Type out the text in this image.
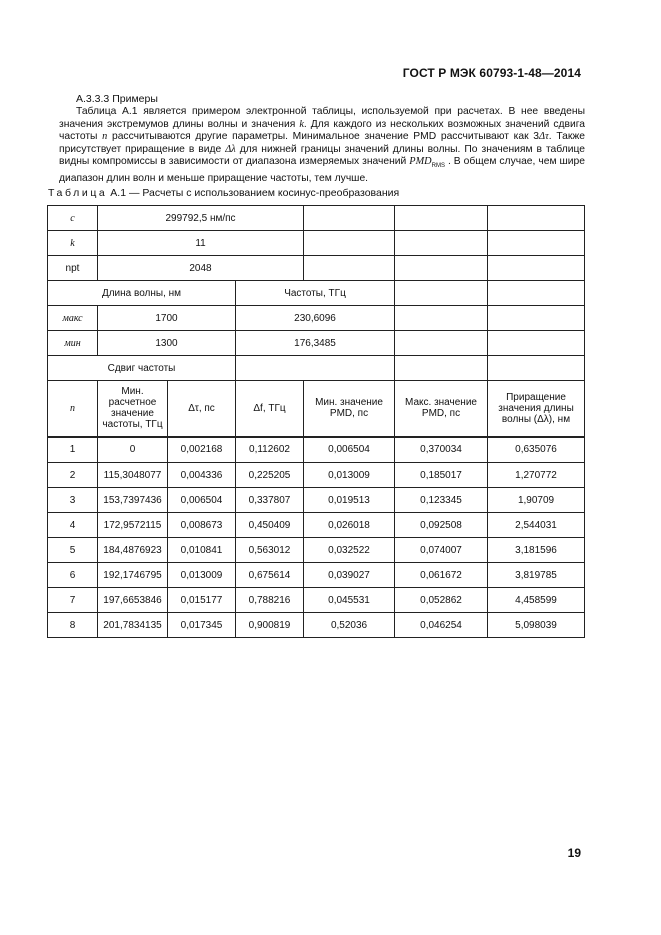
ГОСТ Р МЭК 60793-1-48—2014
А.3.3.3 Примеры

Таблица А.1 является примером электронной таблицы, используемой при расчетах. В нее введены значения экстремумов длины волны и значения k. Для каждого из нескольких возможных значений сдвига частоты n рассчитываются другие параметры. Минимальное значение PMD рассчитывают как 3Δτ. Также присутствует приращение в виде Δλ для нижней границы значений длины волны. По значениям в таблице видны компромиссы в зависимости от диапазона измеряемых значений $PMD_{RMS}$ . В общем случае, чем шире диапазон длин волн и меньше приращение частоты, тем лучше.

Таблица А.1 — Расчеты с использованием косинус-преобразования
c	299792,5 нм/пс					
k	11					
npt	2048					
Длина волны, нм			Частоты, ТГц			
макс	1700		230,6096			
мин	1300		176,3485			
Сдвиг частоты						
n	Мин. расчетное значение частоты, ТГц	Δτ, пс	Δf, ТГц	Мин. значение PMD, пс	Макс. значение PMD, пс	Приращение значения длины волны (Δλ), нм
1	0	0,002168	0,112602	0,006504	0,370034	0,635076
2	115,3048077	0,004336	0,225205	0,013009	0,185017	1,270772
3	153,7397436	0,006504	0,337807	0,019513	0,123345	1,90709
4	172,9572115	0,008673	0,450409	0,026018	0,092508	2,544031
5	184,4876923	0,010841	0,563012	0,032522	0,074007	3,181596
6	192,1746795	0,013009	0,675614	0,039027	0,061672	3,819785
7	197,6653846	0,015177	0,788216	0,045531	0,052862	4,458599
8	201,7834135	0,017345	0,900819	0,52036	0,046254	5,098039
19
